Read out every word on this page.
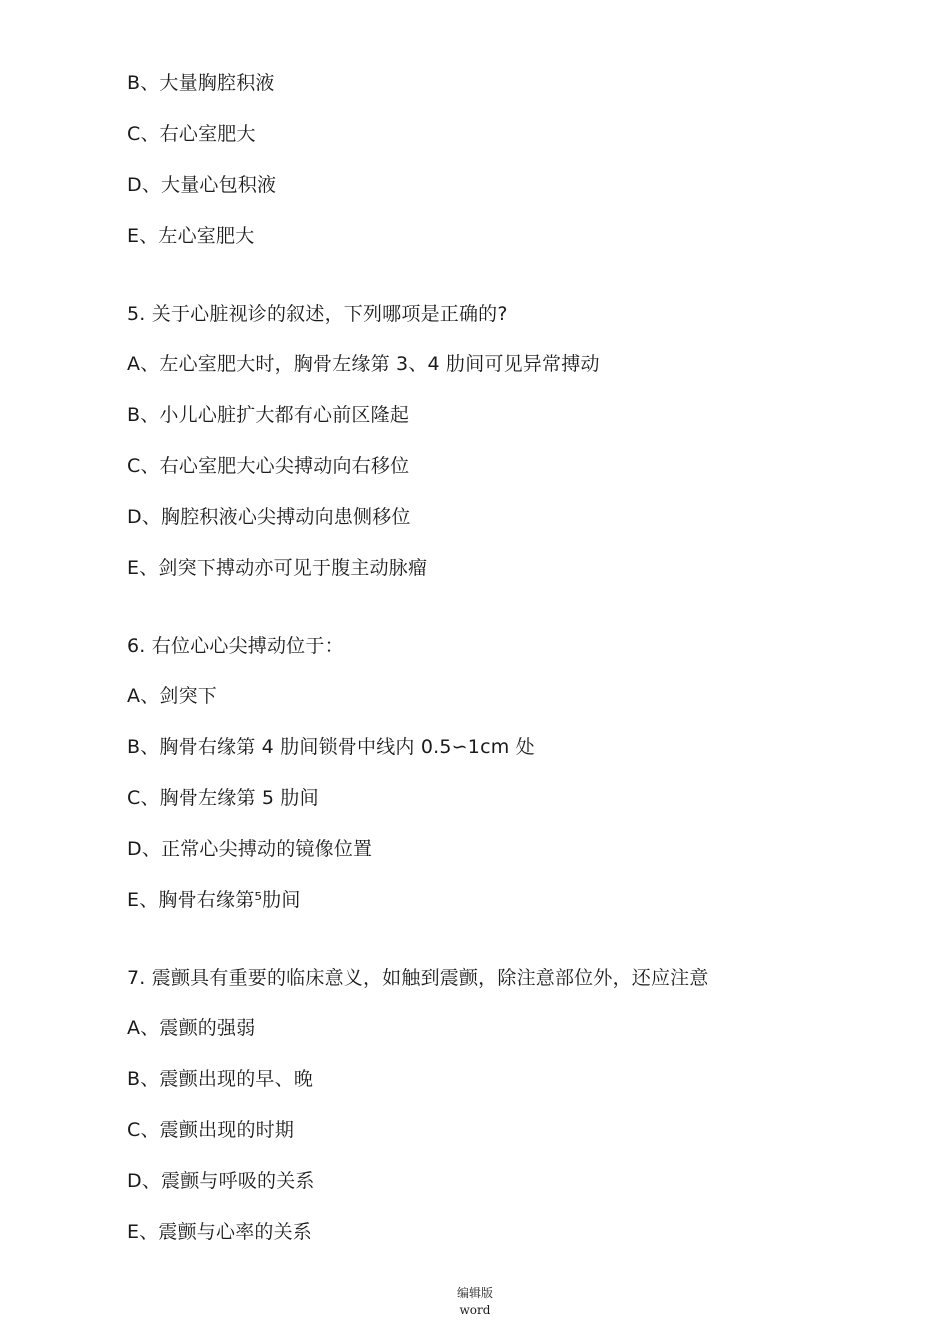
B、大量胸腔积液
C、右心室肥大
D、大量心包积液
E、左心室肥大
5. 关于心脏视诊的叙述，下列哪项是正确的?
A、左心室肥大时，胸骨左缘第 3、4 肋间可见异常搏动
B、小儿心脏扩大都有心前区隆起
C、右心室肥大心尖搏动向右移位
D、胸腔积液心尖搏动向患侧移位
E、剑突下搏动亦可见于腹主动脉瘤
6. 右位心心尖搏动位于：
A、剑突下
B、胸骨右缘第 4 肋间锁骨中线内 0.5∽1cm 处
C、胸骨左缘第 5 肋间
D、正常心尖搏动的镜像位置
E、胸骨右缘第⁵肋间
7. 震颤具有重要的临床意义，如触到震颤，除注意部位外，还应注意
A、震颤的强弱
B、震颤出现的早、晚
C、震颤出现的时期
D、震颤与呼吸的关系
E、震颤与心率的关系
编辑版
word
